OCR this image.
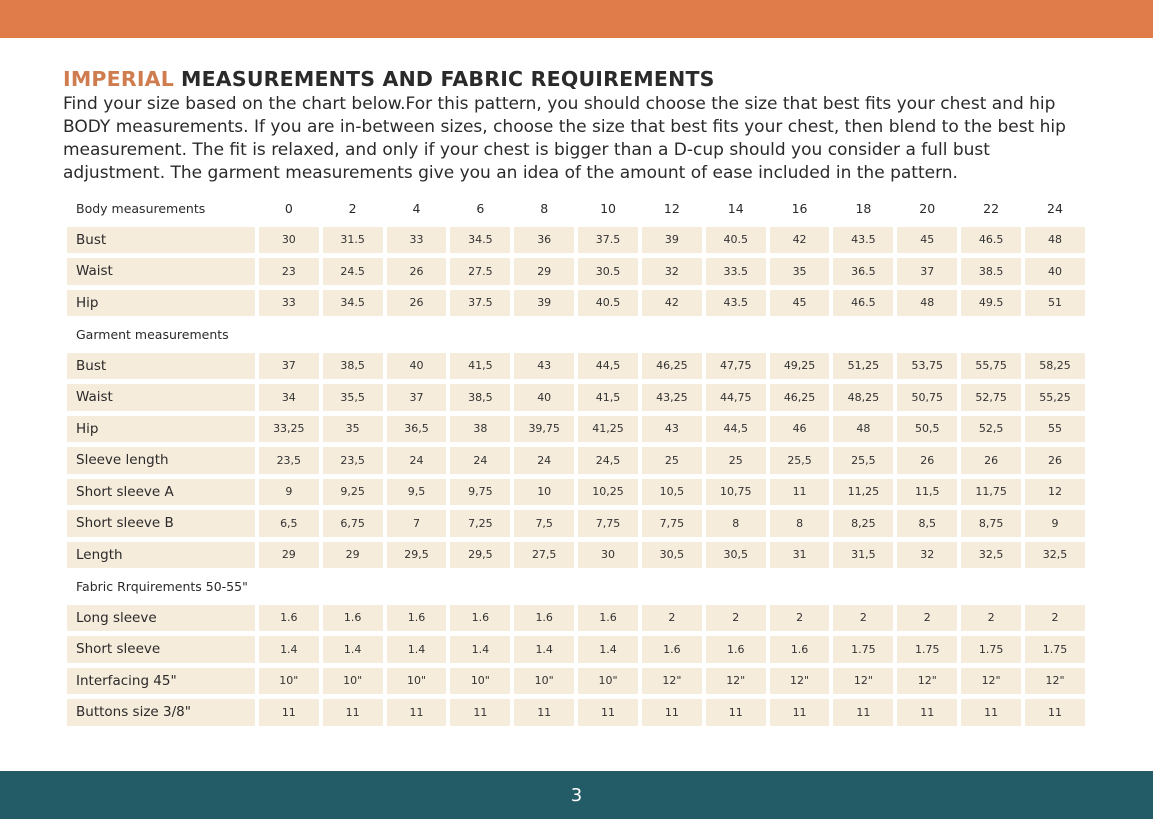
IMPERIAL MEASUREMENTS AND FABRIC REQUIREMENTS

Find your size based on the chart below.For this pattern, you should choose the size that best fits your chest and hip BODY measurements. If you are in-between sizes, choose the size that best fits your chest, then blend to the best hip measurement. The fit is relaxed, and only if your chest is bigger than a D-cup should you consider a full bust adjustment. The garment measurements give you an idea of the amount of ease included in the pattern.

Body measurements	0	2	4	6	8	10	12	14	16	18	20	22	24
Bust	30	31.5	33	34.5	36	37.5	39	40.5	42	43.5	45	46.5	48
Waist	23	24.5	26	27.5	29	30.5	32	33.5	35	36.5	37	38.5	40
Hip	33	34.5	26	37.5	39	40.5	42	43.5	45	46.5	48	49.5	51
Garment measurements													
Bust	37	38,5	40	41,5	43	44,5	46,25	47,75	49,25	51,25	53,75	55,75	58,25
Waist	34	35,5	37	38,5	40	41,5	43,25	44,75	46,25	48,25	50,75	52,75	55,25
Hip	33,25	35	36,5	38	39,75	41,25	43	44,5	46	48	50,5	52,5	55
Sleeve length	23,5	23,5	24	24	24	24,5	25	25	25,5	25,5	26	26	26
Short sleeve A	9	9,25	9,5	9,75	10	10,25	10,5	10,75	11	11,25	11,5	11,75	12
Short sleeve B	6,5	6,75	7	7,25	7,5	7,75	7,75	8	8	8,25	8,5	8,75	9
Length	29	29	29,5	29,5	27,5	30	30,5	30,5	31	31,5	32	32,5	32,5
Fabric Rrquirements 50-55"													
Long sleeve	1.6	1.6	1.6	1.6	1.6	1.6	2	2	2	2	2	2	2
Short sleeve	1.4	1.4	1.4	1.4	1.4	1.4	1.6	1.6	1.6	1.75	1.75	1.75	1.75
Interfacing 45"	10"	10"	10"	10"	10"	10"	12"	12"	12"	12"	12"	12"	12"
Buttons size 3/8"	11	11	11	11	11	11	11	11	11	11	11	11	11
3
